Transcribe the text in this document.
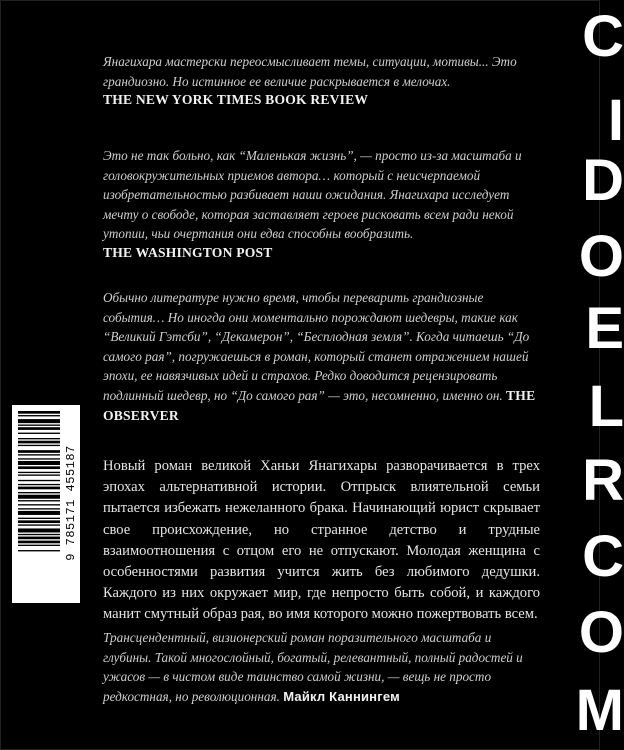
Янагихара мастерски переосмысливает темы, ситуации, мотивы... Это грандиозно. Но истинное ее величие раскрывается в мелочах.
THE NEW YORK TIMES BOOK REVIEW
Это не так больно, как “Маленькая жизнь”, — просто из-за масштаба и головокружительных приемов автора… который с неисчерпаемой изобретательностью разбивает наши ожидания. Янагихара исследует мечту о свободе, которая заставляет героев рисковать всем ради некой утопии, чьи очертания они едва способны вообразить.
THE WASHINGTON POST
Обычно литературе нужно время, чтобы переварить грандиозные события… Но иногда они моментально порождают шедевры, такие как “Великий Гэтсби”, “Декамерон”, “Бесплодная земля”. Когда читаешь “До самого рая”, погружаешься в роман, который станет отражением нашей эпохи, ее навязчивых идей и страхов. Редко доводится рецензировать подлинный шедевр, но “До самого рая” — это, несомненно, именно он. THE OBSERVER
Новый роман великой Ханьи Янагихары разворачивается в трех эпохах альтернативной истории. Отпрыск влиятельной семьи пытается избежать нежеланного брака. Начинающий юрист скрывает свое происхождение, но странное детство и трудные взаимоотношения с отцом его не отпускают. Молодая женщина с особенностями развития учится жить без любимого дедушки. Каждого из них окружает мир, где непросто быть собой, и каждого манит смутный образ рая, во имя которого можно пожертвовать всем.
Трансцендентный, визионерский роман поразительного масштаба и глубины. Такой многослойный, богатый, релевантный, полный радостей и ужасов — в чистом виде таинство самой жизни, — вещь не просто редкостная, но революционная. Майкл Каннингем
9 785171 455187
C
I
D
O
E
L
R
C
O
M
